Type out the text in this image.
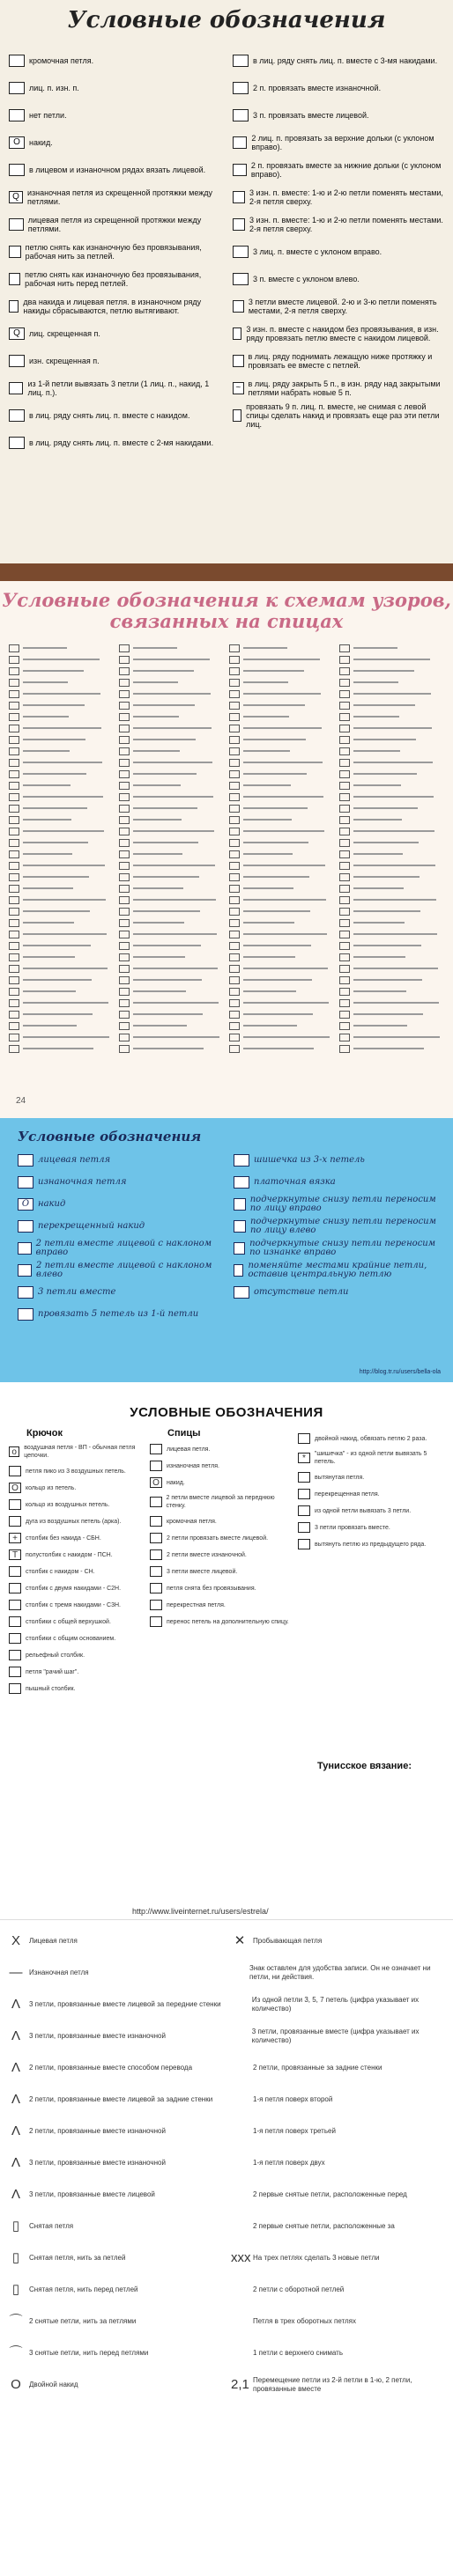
Условные обозначения
кромочная петля.
лиц. п. изн. п.
нет петли.
O	накид.
в лицевом и изнаночном рядах вязать лицевой.
Q	изнаночная петля из скрещенной протяжки между петлями.
лицевая петля из скрещенной протяжки между петлями.
петлю снять как изнаночную без провязывания, рабочая нить за петлей.
петлю снять как изнаночную без провязывания, рабочая нить перед петлей.
два накида и лицевая петля. в изнаночном ряду накиды сбрасываются, петлю вытягивают.
Q	лиц. скрещенная п.
изн. скрещенная п.
из 1-й петли вывязать 3 петли (1 лиц. п., накид, 1 лиц. п.).
в лиц. ряду снять лиц. п. вместе с накидом.
в лиц. ряду снять лиц. п. вместе с 2-мя накидами.
в лиц. ряду снять лиц. п. вместе с 3-мя накидами.
2 п. провязать вместе изнаночной.
3 п. провязать вместе лицевой.
2 лиц. п. провязать за верхние дольки (с уклоном вправо).
2 п. провязать вместе за нижние дольки (с уклоном вправо).
3 изн. п. вместе: 1-ю и 2-ю петли поменять местами, 2-я петля сверху.
3 изн. п. вместе: 1-ю и 2-ю петли поменять местами. 2-я петля сверху.
3 лиц. п. вместе с уклоном вправо.
3 п. вместе с уклоном влево.
3 петли вместе лицевой. 2-ю и 3-ю петли поменять местами, 2-я петля сверху.
3 изн. п. вместе с накидом без провязывания, в изн. ряду провязать петлю вместе с накидом лицевой.
в лиц. ряду поднимать лежащую ниже протяжку и провязать ее вместе с петлей.
~ в лиц. ряду закрыть 5 п., в изн. ряду над закрытыми петлями набрать новые 5 п.
провязать 9 п. лиц. п. вместе, не снимая с левой спицы сделать накид и провязать еще раз эти петли лиц.
Условные обозначения к схемам узоров, связанных на спицах
24
Условные обозначения
лицевая петля
изнаночная петля
O накид
перекрещенный накид
2 петли вместе лицевой с наклоном вправо
2 петли вместе лицевой с наклоном влево
3 петли вместе
провязать 5 петель из 1-й петли
шишечка из 3-х петель
платочная вязка
подчеркнутые снизу петли переносим по лицу вправо
подчеркнутые снизу петли переносим по лицу влево
подчеркнутые снизу петли переносим по изнанке вправо
поменяйте местами крайние петли, оставив центральную петлю
отсутствие петли
http://blog.tr.ru/users/bella-ola
УСЛОВНЫЕ ОБОЗНАЧЕНИЯ
Крючок	Спицы
o	воздушная петля - ВП - обычная петля цепочки.
петля пико из 3 воздушных петель.
O	кольцо из петель.
кольцо из воздушных петель.
дуга из воздушных петель (арка).
+	столбик без накида - СБН.
T	полустолбик с накидом - ПСН.
столбик с накидом - СН.
столбик с двумя накидами - С2Н.
столбик с тремя накидами - С3Н.
столбики с общей верхушкой.
столбики с общим основанием.
рельефный столбик.
петля "рачий шаг".
пышный столбик.
лицевая петля.
изнаночная петля.
O	накид.
2 петли вместе лицевой за переднюю стенку.
кромочная петля.
2 петли провязать вместе лицевой.
2 петли вместе изнаночной.
3 петли вместе лицевой.
петля снята без провязывания.
перекрестная петля.
перенос петель на дополнительную спицу.
двойной накид, обвязать петлю 2 раза.
*	"шишечка" - из одной петли вывязать 5 петель.
вытянутая петля.
перекрещенная петля.
из одной петли вывязать 3 петли.
3 петли провязать вместе.
вытянуть петлю из предыдущего ряда.
Тунисское вязание:
http://www.liveinternet.ru/users/estrela/
X	Лицевая петля
— Изнаночная петля
Λ	3 петли, провязанные вместе лицевой за передние стенки
Λ	3 петли, провязанные вместе изнаночной
Λ	2 петли, провязанные вместе способом перевода
Λ	2 петли, провязанные вместе лицевой за задние стенки
Λ	2 петли, провязанные вместе изнаночной
Λ	3 петли, провязанные вместе изнаночной
Λ	3 петли, провязанные вместе лицевой
▯	Снятая петля
▯	Снятая петля, нить за петлей
▯	Снятая петля, нить перед петлей
⌒ 2 снятые петли, нить за петлями
⌒ 3 снятые петли, нить перед петлями
O	Двойной накид
✕	Пробывающая петля
Знак оставлен для удобства записи. Он не означает ни петли, ни действия.
Из одной петли 3, 5, 7 петель (цифра указывает их количество)
3 петли, провязанные вместе (цифра указывает их количество)
2 петли, провязанные за задние стенки
1-я петля поверх второй
1-я петля поверх третьей
1-я петля поверх двух
2 первые снятые петли, расположенные перед
2 первые снятые петли, расположенные за
xxx На трех петлях сделать 3 новые петли
2 петли с оборотной петлей
Петля в трех оборотных петлях
1 петли с верхнего снимать
2,1 Перемещение петли из 2-й петли в 1-ю, 2 петли, провязанные вместе
